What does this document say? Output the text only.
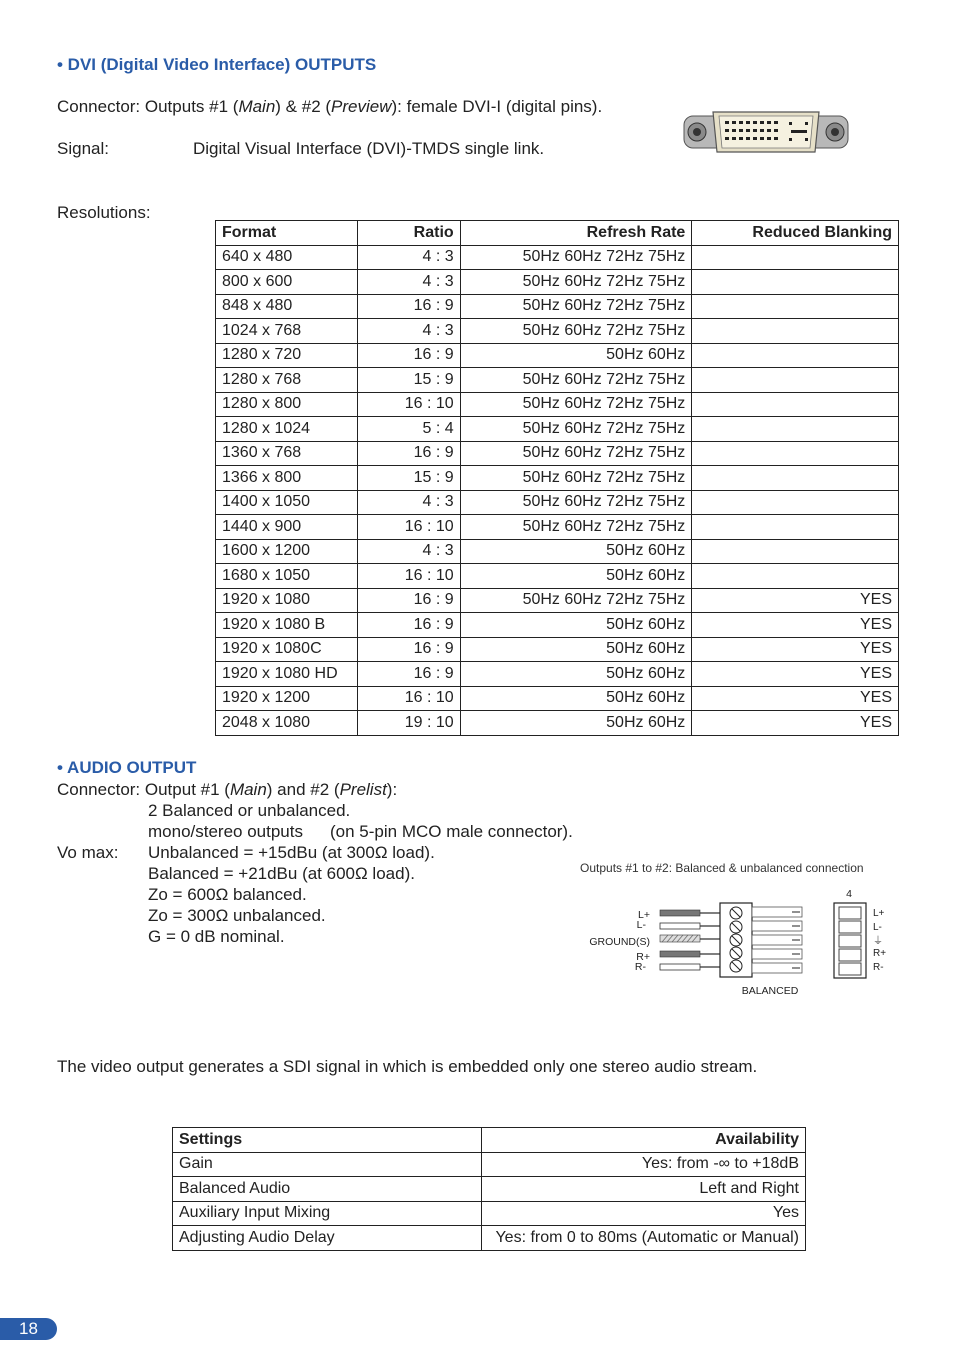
• DVI (Digital Video Interface) OUTPUTS
Connector: Outputs #1 (Main) & #2 (Preview): female DVI-I (digital pins).
Signal:	Digital Visual Interface (DVI)-TMDS single link.
Resolutions:
Format	Ratio	Refresh Rate	Reduced Blanking
640 x 480	4 : 3	50Hz 60Hz 72Hz 75Hz	
800 x 600	4 : 3	50Hz 60Hz 72Hz 75Hz	
848 x 480	16 : 9	50Hz 60Hz 72Hz 75Hz	
1024 x 768	4 : 3	50Hz 60Hz 72Hz 75Hz	
1280 x 720	16 : 9	50Hz 60Hz	
1280 x 768	15 : 9	50Hz 60Hz 72Hz 75Hz	
1280 x 800	16 : 10	50Hz 60Hz 72Hz 75Hz	
1280 x 1024	5 : 4	50Hz 60Hz 72Hz 75Hz	
1360 x 768	16 : 9	50Hz 60Hz 72Hz 75Hz	
1366 x 800	15 : 9	50Hz 60Hz 72Hz 75Hz	
1400 x 1050	4 : 3	50Hz 60Hz 72Hz 75Hz	
1440 x 900	16 : 10	50Hz 60Hz 72Hz 75Hz	
1600 x 1200	4 : 3	50Hz 60Hz	
1680 x 1050	16 : 10	50Hz 60Hz	
1920 x 1080	16 : 9	50Hz 60Hz 72Hz 75Hz	YES
1920 x 1080 B	16 : 9	50Hz 60Hz	YES
1920 x 1080C	16 : 9	50Hz 60Hz	YES
1920 x 1080 HD	16 : 9	50Hz 60Hz	YES
1920 x 1200	16 : 10	50Hz 60Hz	YES
2048 x 1080	19 : 10	50Hz 60Hz	YES
• AUDIO OUTPUT
Connector: Output #1 (Main) and #2 (Prelist):
2 Balanced or unbalanced.
mono/stereo outputs (on 5-pin MCO male connector).
Vo max: Unbalanced = +15dBu (at 300Ω load).
Balanced = +21dBu (at 600Ω load).
Zo = 600Ω balanced.
Zo = 300Ω unbalanced.
G = 0 dB nominal.
Outputs #1 to #2: Balanced & unbalanced connection
L+
L-
GROUND(S)
R+
R-
BALANCED
4
L+
L-
⏚
R+
R-
The video output generates a SDI signal in which is embedded only one stereo audio stream.
Settings	Availability
Gain	Yes: from -∞ to +18dB
Balanced Audio	Left and Right
Auxiliary Input Mixing	Yes
Adjusting Audio Delay	Yes: from 0 to 80ms (Automatic or Manual)
18
